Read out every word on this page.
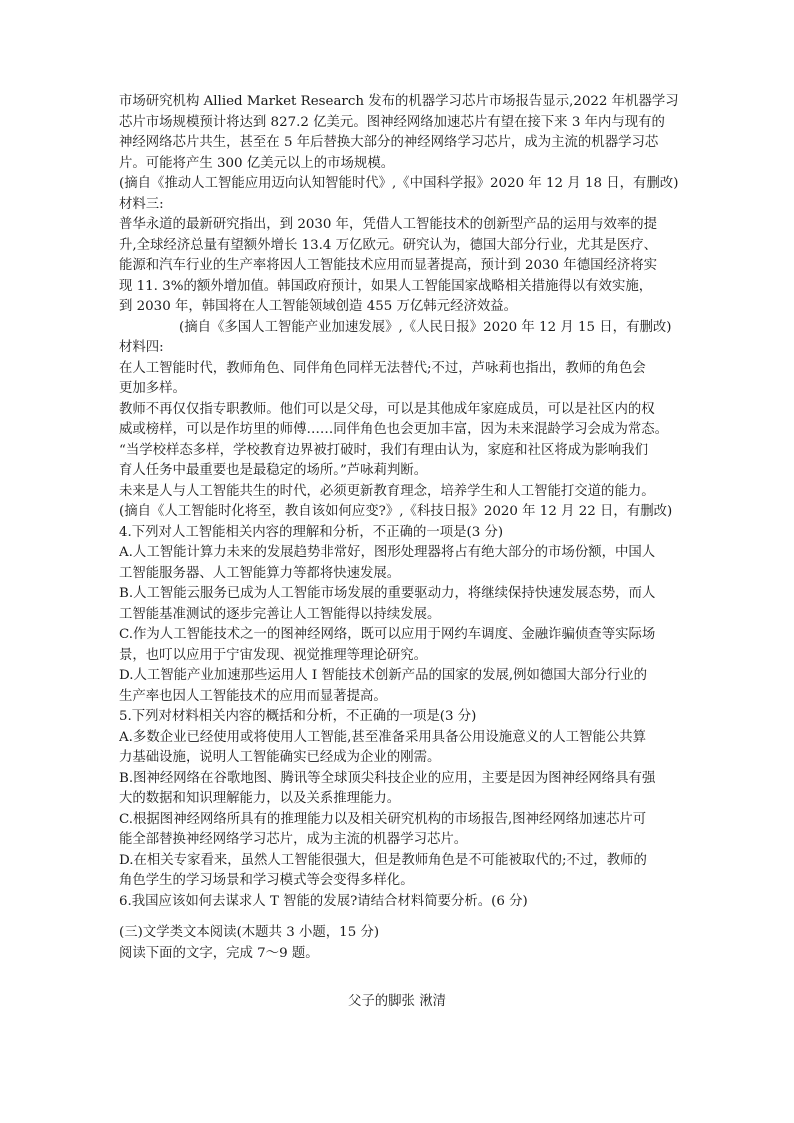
市场研究机构 Allied Market Research 发布的机器学习芯片市场报告显示,2022 年机器学习
芯片市场规模预计将达到 827.2 亿美元。图神经网络加速芯片有望在接下来 3 年内与现有的
神经网络芯片共生，甚至在 5 年后替换大部分的神经网络学习芯片，成为主流的机器学习芯
片。可能将产生 300 亿美元以上的市场规模。
(摘自《推动人工智能应用迈向认知智能时代》,《中国科学报》2020 年 12 月 18 日，有删改)
材料三:
普华永道的最新研究指出，到 2030 年，凭借人工智能技术的创新型产品的运用与效率的提
升,全球经济总量有望额外增长 13.4 万亿欧元。研究认为，德国大部分行业，尤其是医疗、
能源和汽车行业的生产率将因人工智能技术应用而显著提高，预计到 2030 年德国经济将实
现 11. 3%的额外增加值。韩国政府预计，如果人工智能国家战略相关措施得以有效实施，
到 2030 年，韩国将在人工智能领域创造 455 万亿韩元经济效益。
(摘自《多国人工智能产业加速发展》,《人民日报》2020 年 12 月 15 日，有删改)
材料四:
在人工智能时代，教师角色、同伴角色同样无法替代;不过，芦咏莉也指出，教师的角色会
更加多样。
教师不再仅仅指专职教师。他们可以是父母，可以是其他成年家庭成员，可以是社区内的权
威或榜样，可以是作坊里的师傅……同伴角色也会更加丰富，因为未来混龄学习会成为常态。
“当学校样态多样，学校教育边界被打破时，我们有理由认为，家庭和社区将成为影响我们
育人任务中最重要也是最稳定的场所。”芦咏莉判断。
未来是人与人工智能共生的时代，必须更新教育理念，培养学生和人工智能打交道的能力。
(摘自《人工智能时化将至，教自该如何应变?》,《科技日报》2020 年 12 月 22 日，有删改)
4.下列对人工智能相关内容的理解和分析，不正确的一项是(3 分)
A.人工智能计算力未来的发展趋势非常好，图形处理器将占有绝大部分的市场份额，中国人
工智能服务器、人工智能算力等都将快速发展。
B.人工智能云服务已成为人工智能市场发展的重要驱动力，将继续保持快速发展态势，而人
工智能基准测试的逐步完善让人工智能得以持续发展。
C.作为人工智能技术之一的图神经网络，既可以应用于网约车调度、金融诈骗侦查等实际场
景，也叮以应用于宁宙发现、视觉推理等理论研究。
D.人工智能产业加速那些运用人 I 智能技术创新产品的国家的发展,例如德国大部分行业的
生产率也因人工智能技术的应用而显著提高。
5.下列对材料相关内容的概括和分析，不正确的一项是(3 分)
A.多数企业已经使用或将使用人工智能,甚至准备采用具备公用设施意义的人工智能公共算
力基础设施，说明人工智能确实已经成为企业的刚需。
B.图神经网络在谷歌地图、腾讯等全球顶尖科技企业的应用，主要是因为图神经网络具有强
大的数据和知识理解能力，以及关系推理能力。
C.根据图神经网络所具有的推理能力以及相关研究机构的市场报告,图神经网络加速芯片可
能全部替换神经网络学习芯片，成为主流的机器学习芯片。
D.在相关专家看来，虽然人工智能很强大，但是教师角色是不可能被取代的;不过，教师的
角色学生的学习场景和学习模式等会变得多样化。
6.我国应该如何去谋求人 T 智能的发展?请结合材料简要分析。(6 分)
(三)文学类文本阅读(木题共 3 小题，15 分)
阅读下面的文字，完成 7～9 题。
父子的脚张 湫清
